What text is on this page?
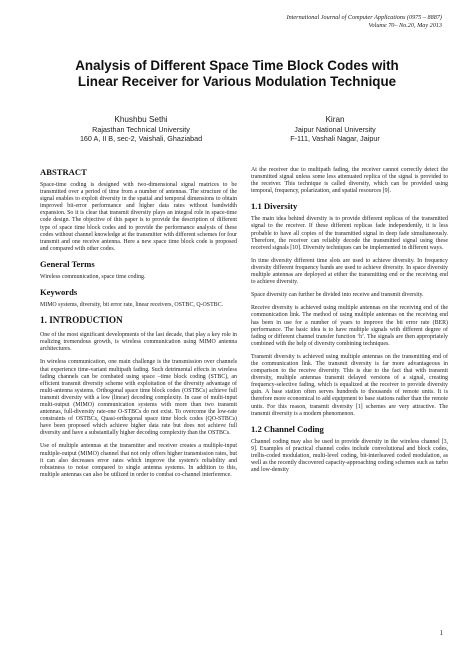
International Journal of Computer Applications (0975 – 8887)
Volume 70– No.20, May 2013
Analysis of Different Space Time Block Codes with
Linear Receiver for Various Modulation Technique
Khushbu Sethi
Rajasthan Technical University
160 A, II B, sec-2, Vaishali, Ghaziabad
Kiran
Jaipur National University
F-111, Vashali Nagar, Jaipur
ABSTRACT

Space-time coding is designed with two-dimensional signal matrices to be transmitted over a period of time from a number of antennas. The structure of the signal enables to exploit diversity in the spatial and temporal dimensions to obtain improved bit-error performance and higher data rates without bandwidth expansion. So it is clear that transmit diversity plays an integral role in space-time code design. The objective of this paper is to provide the description of different type of space time block codes and to provide the performance analysis of these codes without channel knowledge at the transmitter with different schemes for four transmit and one receive antenna. Here a new space time block code is proposed and compared with other codes.

General Terms

Wireless communication, space time coding.

Keywords

MIMO systems, diversity, bit error rate, linear receivers, OSTBC, Q-OSTBC.

1. INTRODUCTION

One of the most significant developments of the last decade, that play a key role in realizing tremendous growth, is wireless communication using MIMO antenna architectures.

In wireless communication, one main challenge is the transmission over channels that experience time-variant multipath fading. Such detrimental effects in wireless fading channels can be combated using space –time block coding (STBC), an efficient transmit diversity scheme with exploitation of the diversity advantage of multi-antenna systems. Orthogonal space time block codes (OSTBCs) achieve full transmit diversity with a low (linear) decoding complexity. In case of multi-input multi-output (MIMO) communication systems with more than two transmit antennas, full-diversity rate-one O-STBCs do not exist. To overcome the low-rate constraints of OSTBCs, Quasi-orthogonal space time block codes (QO-STBCs) have been proposed which achieve higher data rate but does not achieve full diversity and have a substantially higher decoding complexity than the OSTBCs.

Use of multiple antennas at the transmitter and receiver creates a multiple-input multiple-output (MIMO) channel that not only offers higher transmission rates, but it can also decreases error rates which improve the system's reliability and robustness to noise compared to single antenna systems. In addition to this, multiple antennas can also be utilized in order to combat co-channel interference.

At the receiver due to multipath fading, the receiver cannot correctly detect the transmitted signal unless some less attenuated replica of the signal is provided to the receiver. This technique is called diversity, which can be provided using temporal, frequency, polarization, and spatial resources [9].

1.1 Diversity

The main idea behind diversity is to provide different replicas of the transmitted signal to the receiver. If these different replicas fade independently, it is less probable to have all copies of the transmitted signal in deep fade simultaneously. Therefore, the receiver can reliably decode the transmitted signal using these received signals [10]. Diversity techniques can be implemented in different ways.

In time diversity different time slots are used to achieve diversity. In frequency diversity different frequency bands are used to achieve diversity. In space diversity multiple antennas are deployed at either the transmitting end or the receiving end to achieve diversity.

Space diversity can further be divided into receive and transmit diversity.

Receive diversity is achieved using multiple antennas on the receiving end of the communication link. The method of using multiple antennas on the receiving end has been in use for a number of years to improve the bit error rate (BER) performance. The basic idea is to have multiple signals with different degree of fading or different channel transfer function ‘h’. The signals are then appropriately combined with the help of diversity combining techniques.

Transmit diversity is achieved using multiple antennas on the transmitting end of the communication link. The transmit diversity is far more advantageous in comparison to the receive diversity. This is due to the fact that with transmit diversity, multiple antennas transmit delayed versions of a signal, creating frequency-selective fading, which is equalized at the receiver to provide diversity gain. A base station often serves hundreds to thousands of remote units. It is therefore more economical to add equipment to base stations rather than the remote units. For this reason, transmit diversity [1] schemes are very attractive. The transmit diversity is a modern phenomenon.

1.2 Channel Coding

Channel coding may also be used to provide diversity in the wireless channel [3, 9]. Examples of practical channel codes include convolutional and block codes, trellis-coded modulation, multi-level coding, bit-interleaved coded modulation, as well as the recently discovered capacity-approaching coding schemes such as turbo and low-density

1
